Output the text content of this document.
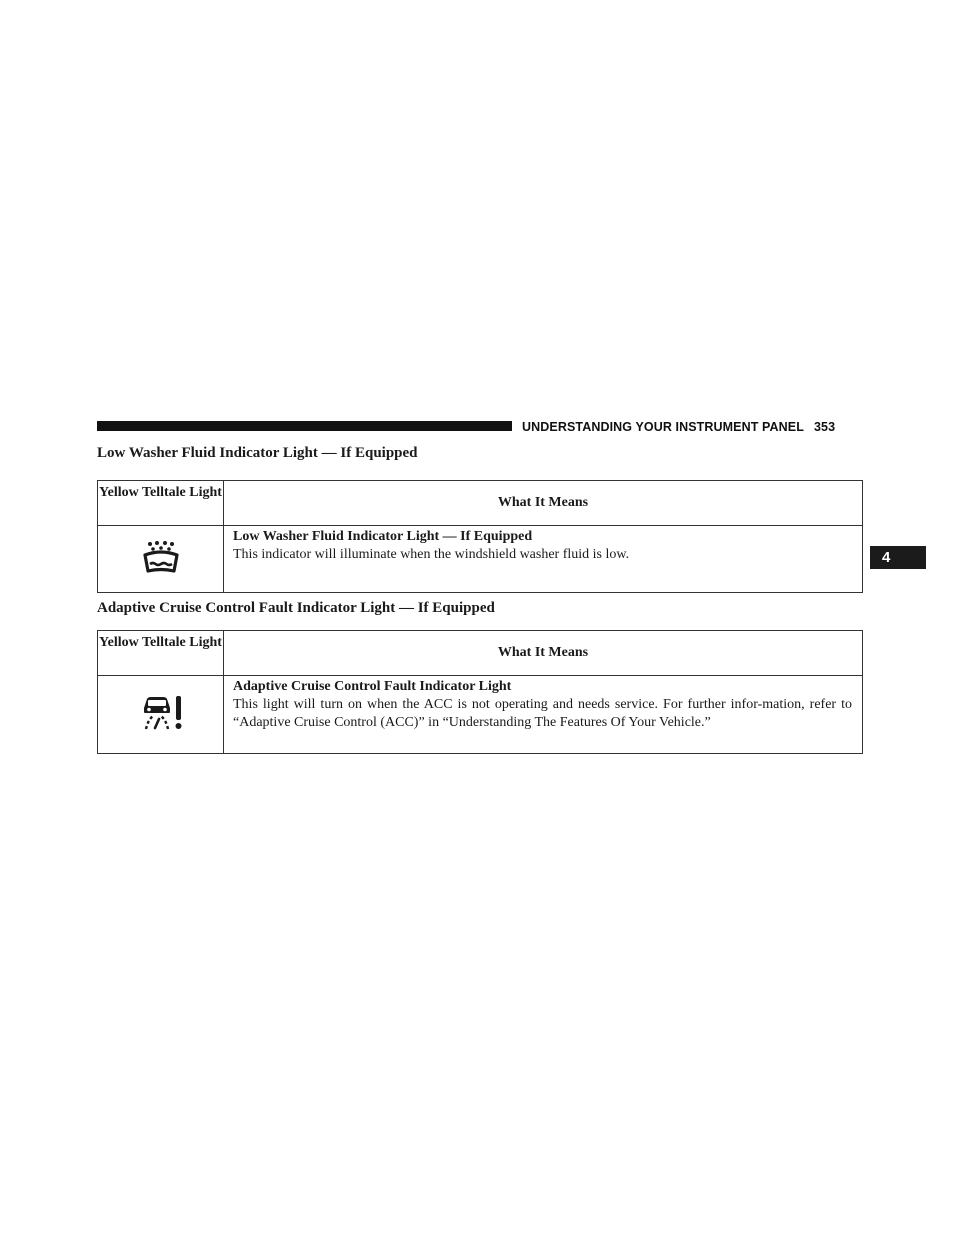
UNDERSTANDING YOUR INSTRUMENT PANEL 353
4
Low Washer Fluid Indicator Light — If Equipped
Yellow Telltale Light	What It Means

Low Washer Fluid Indicator Light — If Equipped
This indicator will illuminate when the windshield washer fluid is low.
Adaptive Cruise Control Fault Indicator Light — If Equipped
Yellow Telltale Light	What It Means

Adaptive Cruise Control Fault Indicator Light
This light will turn on when the ACC is not operating and needs service. For further infor-mation, refer to “Adaptive Cruise Control (ACC)” in “Understanding The Features Of Your Vehicle.”
